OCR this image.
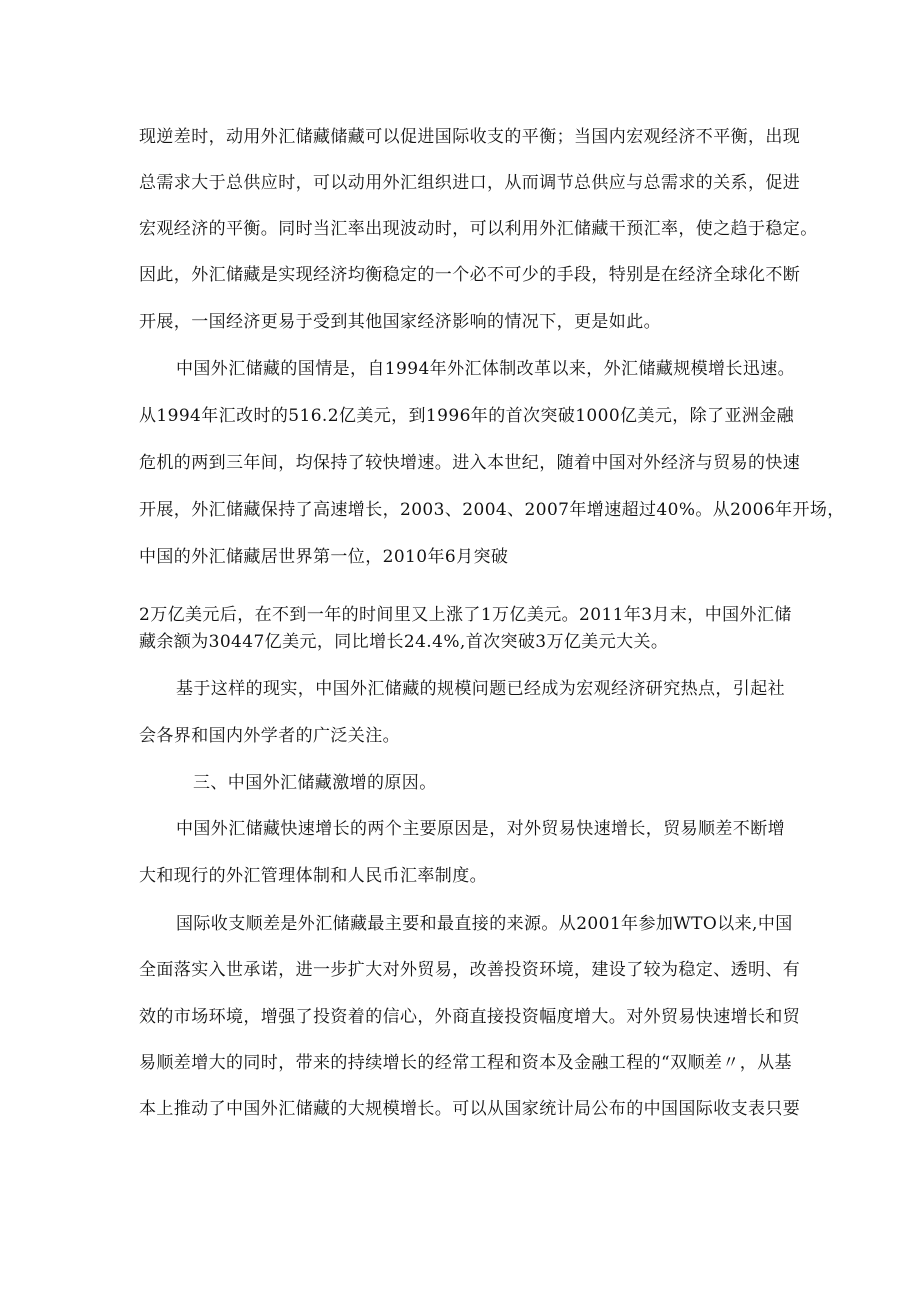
现逆差时，动用外汇储藏储藏可以促进国际收支的平衡；当国内宏观经济不平衡，出现
总需求大于总供应时，可以动用外汇组织进口，从而调节总供应与总需求的关系，促进
宏观经济的平衡。同时当汇率出现波动时，可以利用外汇储藏干预汇率，使之趋于稳定。
因此，外汇储藏是实现经济均衡稳定的一个必不可少的手段，特别是在经济全球化不断
开展，一国经济更易于受到其他国家经济影响的情况下，更是如此。
中国外汇储藏的国情是，自1994年外汇体制改革以来，外汇储藏规模增长迅速。
从1994年汇改时的516.2亿美元，到1996年的首次突破1000亿美元，除了亚洲金融
危机的两到三年间，均保持了较快增速。进入本世纪，随着中国对外经济与贸易的快速
开展，外汇储藏保持了高速增长，2003、2004、2007年增速超过40%。从2006年开场，
中国的外汇储藏居世界第一位，2010年6月突破
2万亿美元后，在不到一年的时间里又上涨了1万亿美元。2011年3月末，中国外汇储
藏余额为30447亿美元，同比增长24.4%,首次突破3万亿美元大关。
基于这样的现实，中国外汇储藏的规模问题已经成为宏观经济研究热点，引起社
会各界和国内外学者的广泛关注。
三、中国外汇储藏激增的原因。
中国外汇储藏快速增长的两个主要原因是，对外贸易快速增长，贸易顺差不断增
大和现行的外汇管理体制和人民币汇率制度。
国际收支顺差是外汇储藏最主要和最直接的来源。从2001年参加WTO以来,中国
全面落实入世承诺，进一步扩大对外贸易，改善投资环境，建设了较为稳定、透明、有
效的市场环境，增强了投资着的信心，外商直接投资幅度增大。对外贸易快速增长和贸
易顺差增大的同时，带来的持续增长的经常工程和资本及金融工程的“双顺差〃，从基
本上推动了中国外汇储藏的大规模增长。可以从国家统计局公布的中国国际收支表只要
